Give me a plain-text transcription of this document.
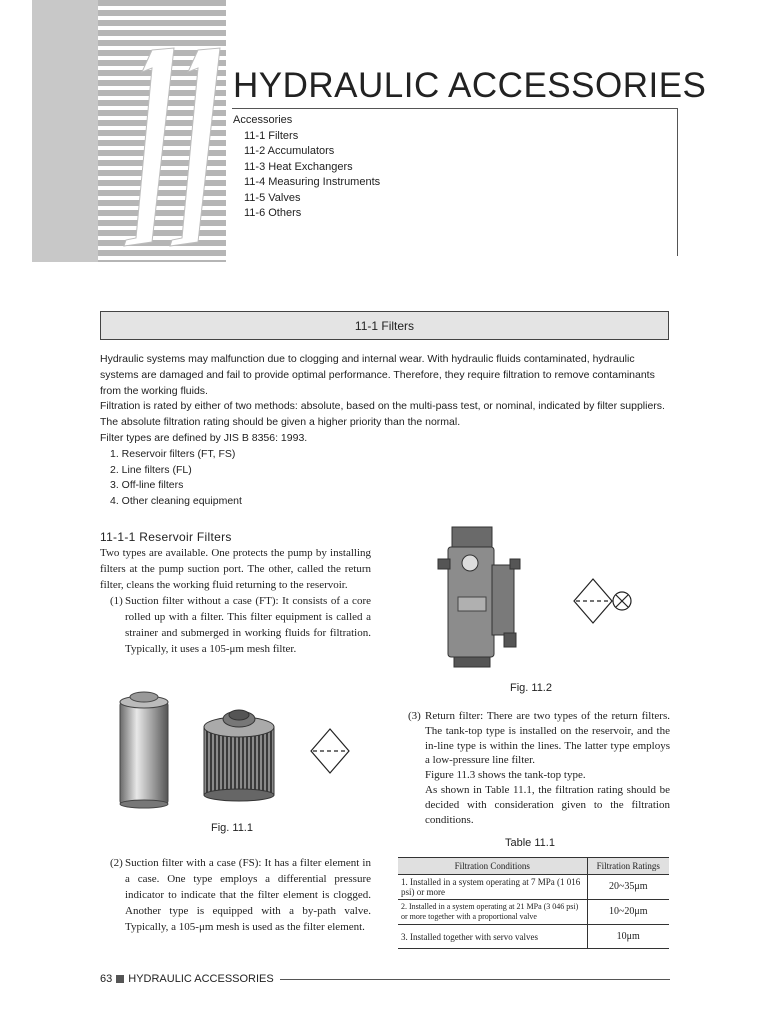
HYDRAULIC ACCESSORIES
Accessories
11-1 Filters
11-2 Accumulators
11-3 Heat Exchangers
11-4 Measuring Instruments
11-5 Valves
11-6 Others
11-1 Filters
Hydraulic systems may malfunction due to clogging and internal wear. With hydraulic fluids contaminated, hydraulic systems are damaged and fail to provide optimal performance. Therefore, they require filtration to remove contaminants from the working fluids.
Filtration is rated by either of two methods: absolute, based on the multi-pass test, or nominal, indicated by filter suppliers. The absolute filtration rating should be given a higher priority than the normal.
Filter types are defined by JIS B 8356: 1993.
1. Reservoir filters (FT, FS)
2. Line filters (FL)
3. Off-line filters
4. Other cleaning equipment
11-1-1 Reservoir Filters
Two types are available. One protects the pump by installing filters at the pump suction port. The other, called the return filter, cleans the working fluid returning to the reservoir.
(1) Suction filter without a case (FT): It consists of a core rolled up with a filter. This filter equipment is called a strainer and submerged in working fluids for filtration. Typically, it uses a 105-μm mesh filter.
Fig. 11.1
Fig. 11.2
(3) Return filter: There are two types of the return filters. The tank-top type is installed on the reservoir, and the in-line type is within the lines. The latter type employs a low-pressure line filter.
Figure 11.3 shows the tank-top type.
As shown in Table 11.1, the filtration rating should be decided with consideration given to the filtration conditions.
(2) Suction filter with a case (FS): It has a filter element in a case. One type employs a differential pressure indicator to indicate that the filter element is clogged. Another type is equipped with a by-path valve. Typically, a 105-μm mesh is used as the filter element.
Table 11.1
Filtration Conditions	Filtration Ratings
1. Installed in a system operating at 7 MPa (1 016 psi) or more	20~35μm
2. Installed in a system operating at 21 MPa (3 046 psi) or more together with a proportional valve	10~20μm
3. Installed together with servo valves	10μm
63 HYDRAULIC ACCESSORIES
